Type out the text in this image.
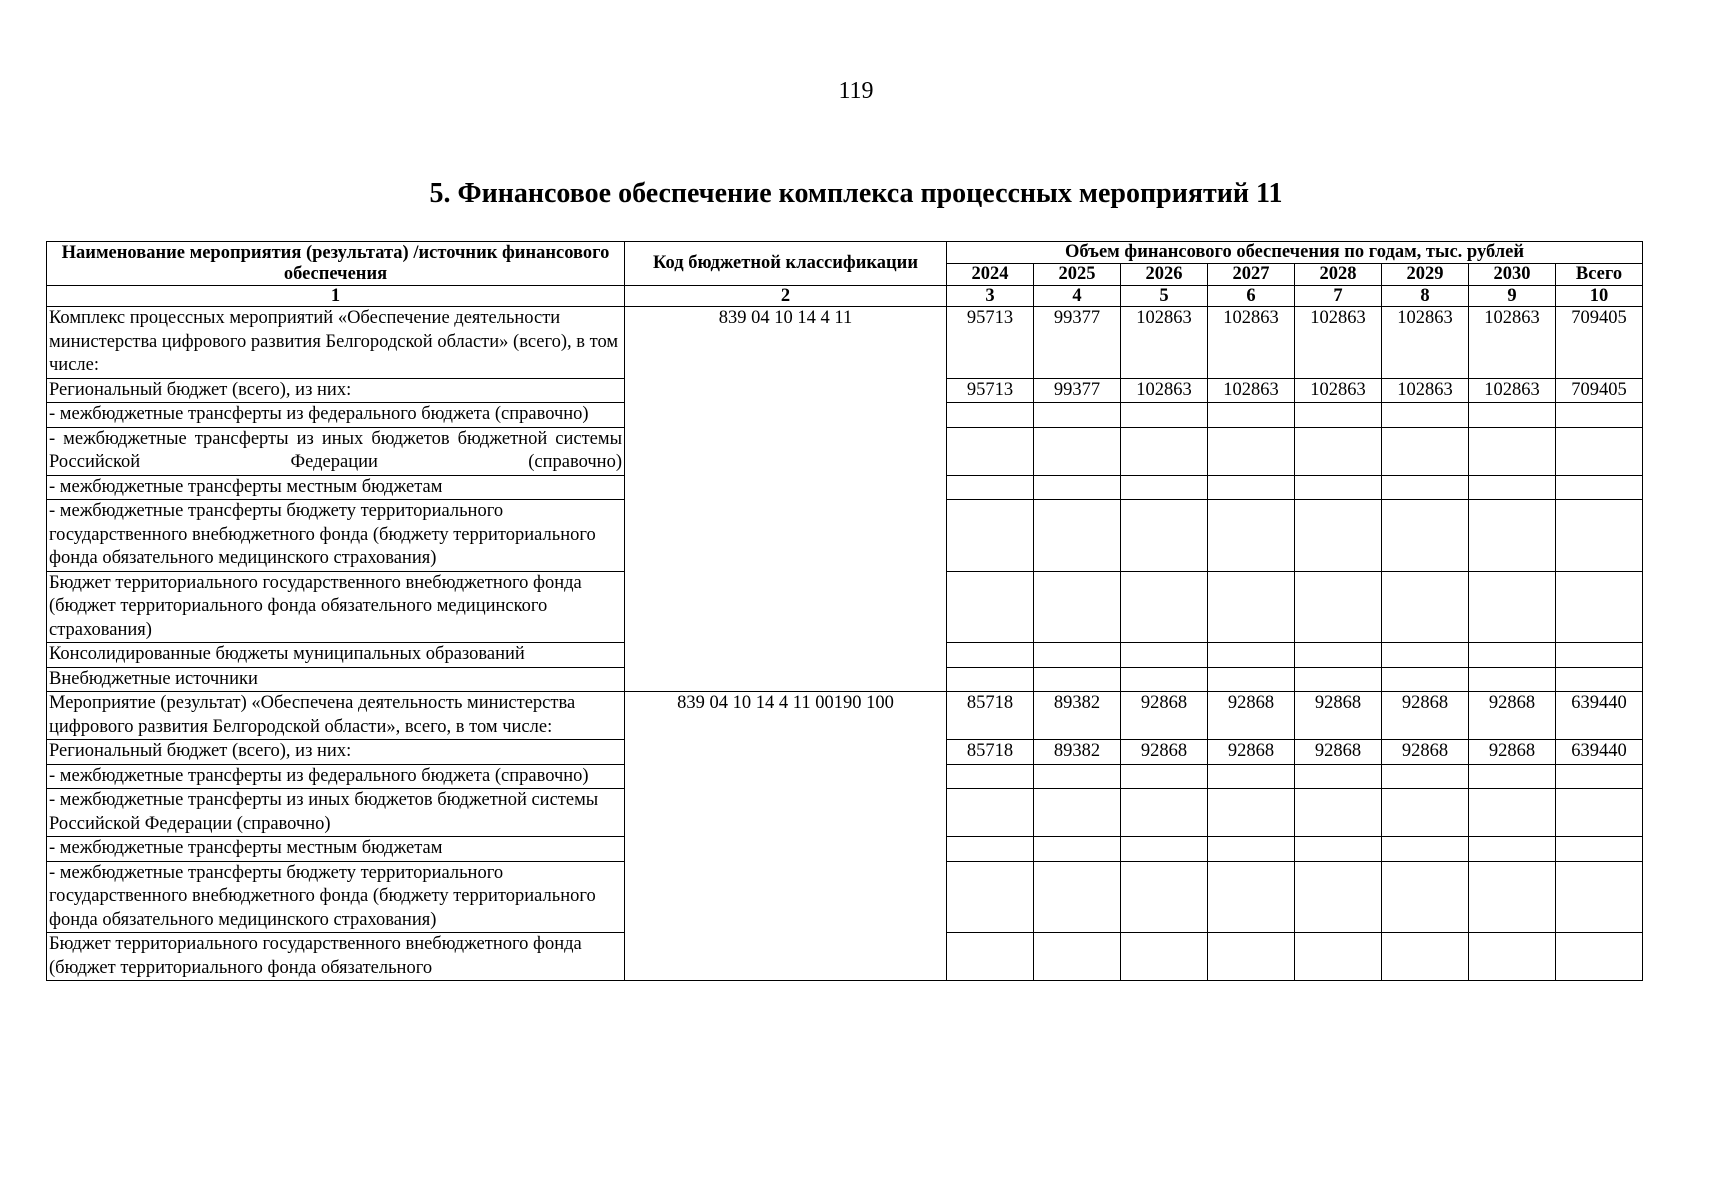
119
5. Финансовое обеспечение комплекса процессных мероприятий 11
Наименование мероприятия (результата) /источник финансового обеспечения	Код бюджетной классификации	Объем финансового обеспечения по годам, тыс. рублей							
		2024	2025	2026	2027	2028	2029	2030	Всего
1	2	3	4	5	6	7	8	9	10
Комплекс процессных мероприятий «Обеспечение деятельности министерства цифрового развития Белгородской области» (всего), в том числе:	839 04 10 14 4 11	95713	99377	102863	102863	102863	102863	102863	709405
Региональный бюджет (всего), из них:		95713	99377	102863	102863	102863	102863	102863	709405
- межбюджетные трансферты из федерального бюджета (справочно)									
- межбюджетные трансферты из иных бюджетов бюджетной системы Российской Федерации (справочно)									
- межбюджетные трансферты местным бюджетам									
- межбюджетные трансферты бюджету территориального государственного внебюджетного фонда (бюджету территориального фонда обязательного медицинского страхования)									
Бюджет территориального государственного внебюджетного фонда (бюджет территориального фонда обязательного медицинского страхования)									
Консолидированные бюджеты муниципальных образований									
Внебюджетные источники									
Мероприятие (результат) «Обеспечена деятельность министерства цифрового развития Белгородской области», всего, в том числе:	839 04 10 14 4 11 00190 100	85718	89382	92868	92868	92868	92868	92868	639440
Региональный бюджет (всего), из них:		85718	89382	92868	92868	92868	92868	92868	639440
- межбюджетные трансферты из федерального бюджета (справочно)									
- межбюджетные трансферты из иных бюджетов бюджетной системы Российской Федерации (справочно)									
- межбюджетные трансферты местным бюджетам									
- межбюджетные трансферты бюджету территориального государственного внебюджетного фонда (бюджету территориального фонда обязательного медицинского страхования)									
Бюджет территориального государственного внебюджетного фонда (бюджет территориального фонда обязательного									
